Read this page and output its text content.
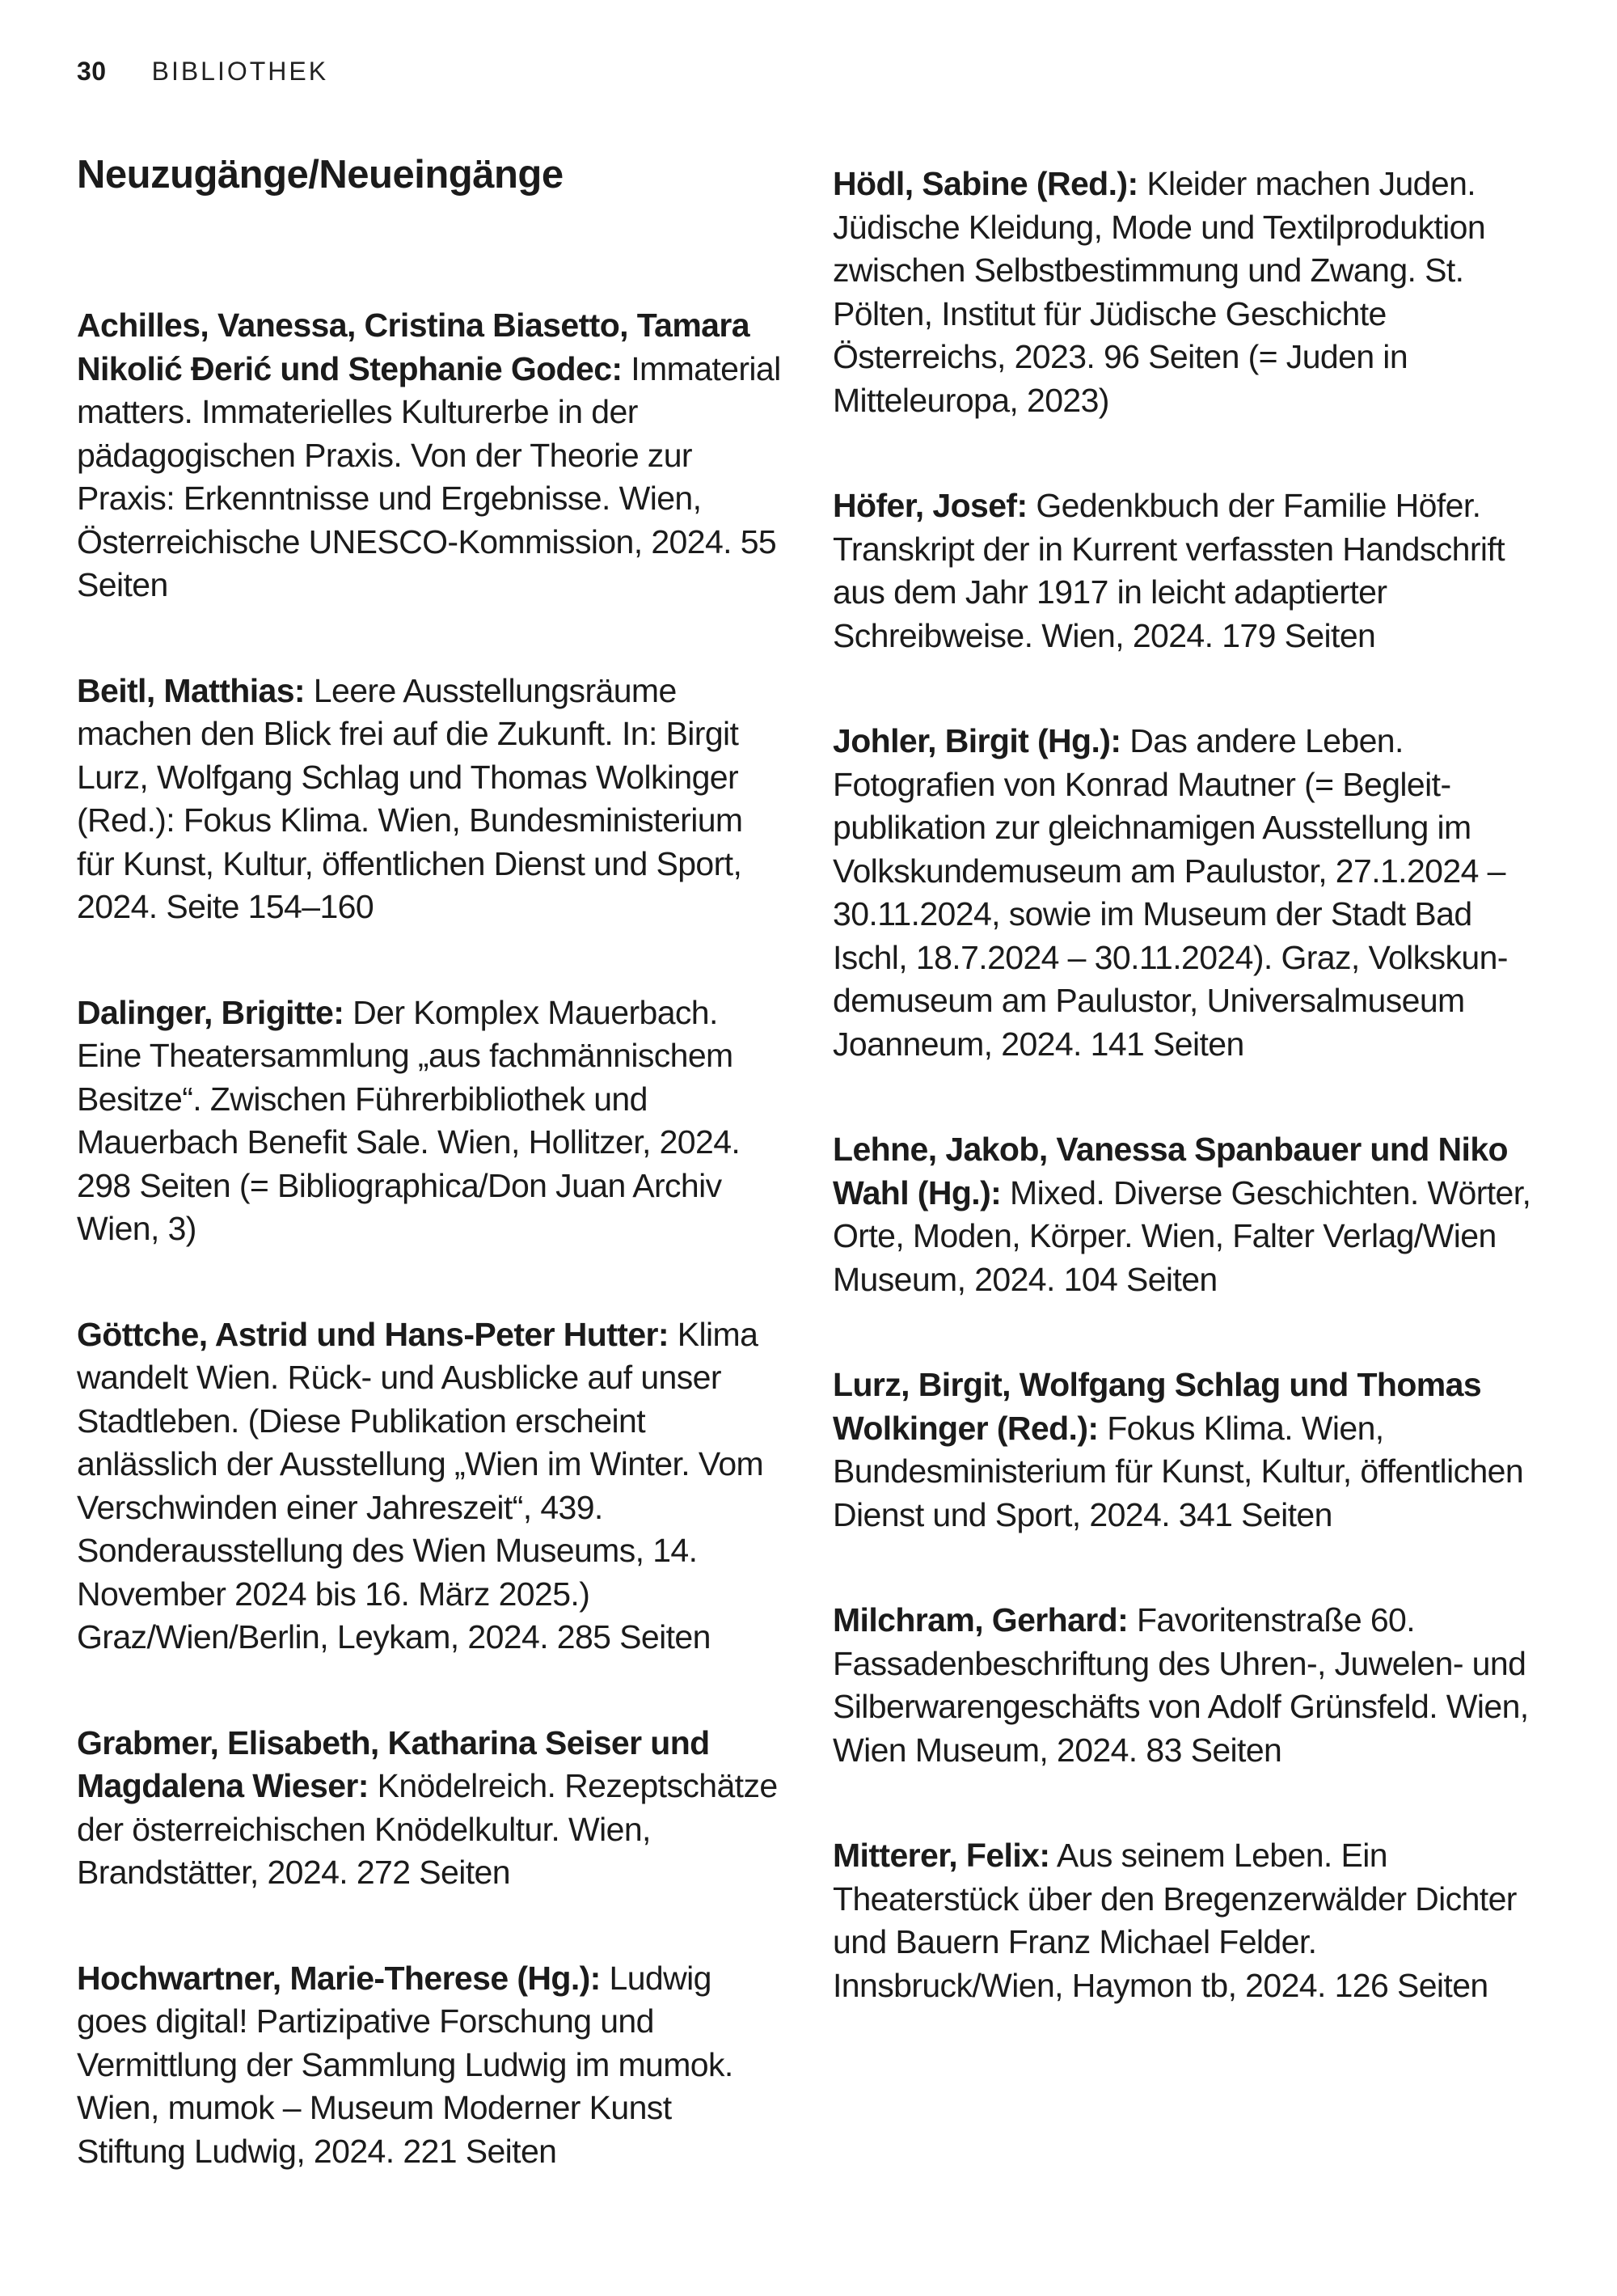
30 BIBLIOTHEK
Neuzugänge/Neueingänge

Achilles, Vanessa, Cristina Biasetto, Tamara Nikolić Đerić und Stephanie Godec: Immaterial matters. Immaterielles Kulturerbe in der pädagogischen Praxis. Von der Theorie zur Praxis: Erkenntnisse und Ergebnisse. Wien, Österreichische UNESCO-Kommission, 2024. 55 Seiten

Beitl, Matthias: Leere Ausstellungsräume machen den Blick frei auf die Zukunft. In: Birgit Lurz, Wolfgang Schlag und Thomas Wolkinger (Red.): Fokus Klima. Wien, Bundesministerium für Kunst, Kultur, öffentlichen Dienst und Sport, 2024. Seite 154–160

Dalinger, Brigitte: Der Komplex Mauerbach. Eine Theatersammlung „aus fachmännischem Besitze“. Zwischen Führerbibliothek und Mauerbach Benefit Sale. Wien, Hollitzer, 2024. 298 Seiten (= Bibliographica/Don Juan Archiv Wien, 3)

Göttche, Astrid und Hans-Peter Hutter: Klima wandelt Wien. Rück- und Ausblicke auf unser Stadtleben. (Diese Publikation erscheint anlässlich der Ausstellung „Wien im Winter. Vom Verschwinden einer Jahreszeit“, 439. Sonderausstellung des Wien Museums, 14. November 2024 bis 16. März 2025.) Graz/Wien/Berlin, Leykam, 2024. 285 Seiten

Grabmer, Elisabeth, Katharina Seiser und Magdalena Wieser: Knödelreich. Rezeptschätze der österreichischen Knödelkultur. Wien, Brandstätter, 2024. 272 Seiten

Hochwartner, Marie-Therese (Hg.): Ludwig goes digital! Partizipative Forschung und Vermittlung der Sammlung Ludwig im mumok. Wien, mumok – Museum Moderner Kunst Stiftung Ludwig, 2024. 221 Seiten

Hödl, Sabine (Red.): Kleider machen Juden. Jüdische Kleidung, Mode und Textilproduktion zwischen Selbstbestimmung und Zwang. St. Pölten, Institut für Jüdische Geschichte Österreichs, 2023. 96 Seiten (= Juden in Mitteleuropa, 2023)

Höfer, Josef: Gedenkbuch der Familie Höfer. Transkript der in Kurrent verfassten Handschrift aus dem Jahr 1917 in leicht adaptierter Schreibweise. Wien, 2024. 179 Seiten

Johler, Birgit (Hg.): Das andere Leben. Fotografien von Konrad Mautner (= Begleitpublikation zur gleichnamigen Ausstellung im Volkskundemuseum am Paulustor, 27.1.2024 – 30.11.2024, sowie im Museum der Stadt Bad Ischl, 18.7.2024 – 30.11.2024). Graz, Volkskundemuseum am Paulustor, Universalmuseum Joanneum, 2024. 141 Seiten

Lehne, Jakob, Vanessa Spanbauer und Niko Wahl (Hg.): Mixed. Diverse Geschichten. Wörter, Orte, Moden, Körper. Wien, Falter Verlag/Wien Museum, 2024. 104 Seiten

Lurz, Birgit, Wolfgang Schlag und Thomas Wolkinger (Red.): Fokus Klima. Wien, Bundesministerium für Kunst, Kultur, öffentlichen Dienst und Sport, 2024. 341 Seiten

Milchram, Gerhard: Favoritenstraße 60. Fassadenbeschriftung des Uhren-, Juwelen- und Silberwarengeschäfts von Adolf Grünsfeld. Wien, Wien Museum, 2024. 83 Seiten

Mitterer, Felix: Aus seinem Leben. Ein Theaterstück über den Bregenzerwälder Dichter und Bauern Franz Michael Felder. Innsbruck/Wien, Haymon tb, 2024. 126 Seiten
